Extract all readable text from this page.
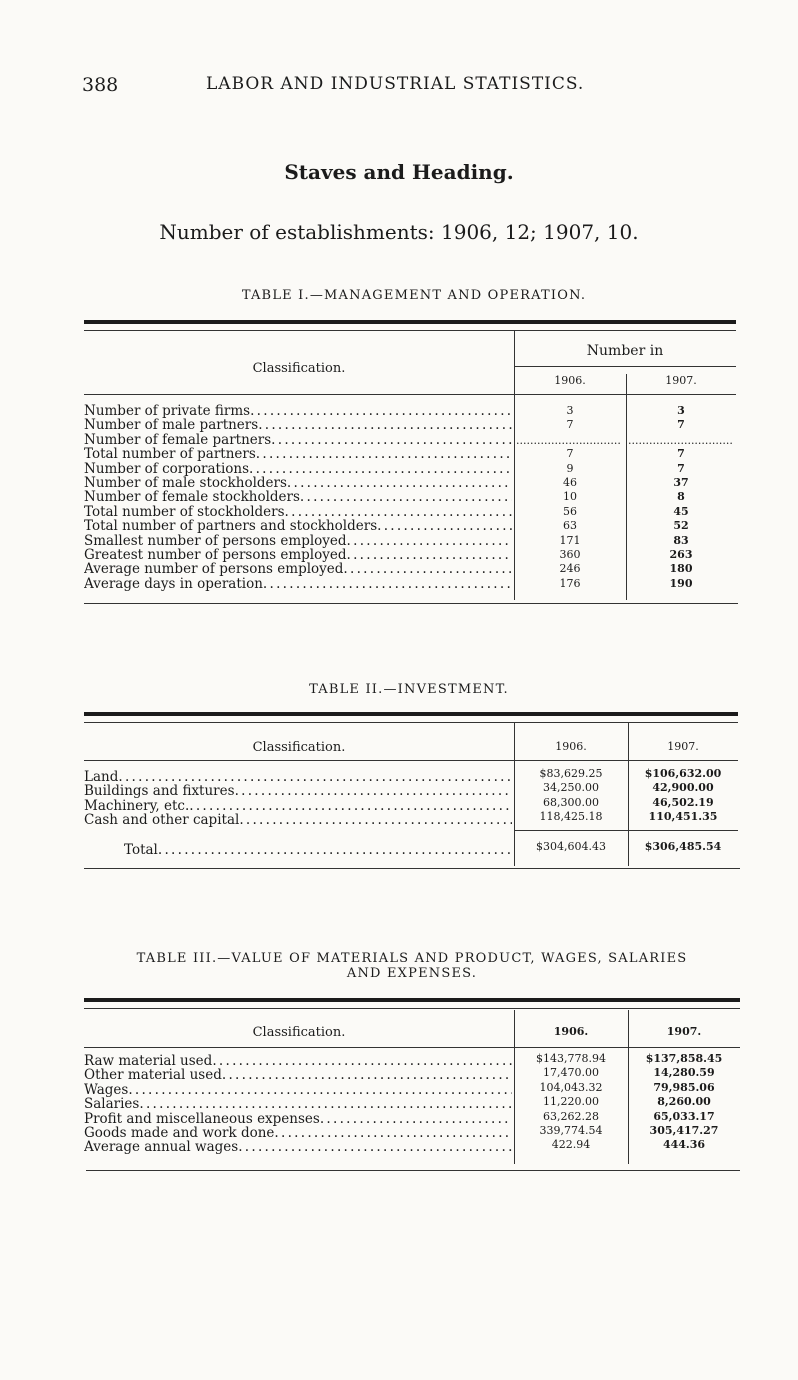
388	LABOR AND INDUSTRIAL STATISTICS.
Staves and Heading.
Number of establishments: 1906, 12; 1907, 10.
TABLE I.—MANAGEMENT AND OPERATION.
Classification.
Number in
1906.	1907.
.............................. ..............................
Number of private firms
. . .
Number of male partners
. . .
Number of female partners
. . .
Total number of partners
. . .
Number of corporations
. . .
Number of male stockholders
. . .
Number of female stockholders
. . .
Total number of stockholders
. . .
Total number of partners and stockholders
. . .
Smallest number of persons employed
. . .
Greatest number of persons employed
. . .
Average number of persons employed
. . .
Average days in operation
. . .
3
7

7
9
46
10
56
63
171
360
246
176
3
7

7
7
37
8
45
52
83
263
180
190
TABLE II.—INVESTMENT.
Classification.	1906.	1907.
Land
. . .
Buildings and fixtures
. . .
Machinery, etc.
. . .
Cash and other capital
. . .
$83,629.25
34,250.00
68,300.00
118,425.18
$106,632.00
42,900.00
46,502.19
110,451.35
Total
. . .	$304,604.43	$306,485.54
TABLE III.—VALUE OF MATERIALS AND PRODUCT, WAGES, SALARIES
AND EXPENSES.
Classification.	1906.	1907.
Raw material used
. . .
Other material used
. . .
Wages
. . .
Salaries
. . .
Profit and miscellaneous expenses
. . .
Goods made and work done
. . .
Average annual wages
. . .
$143,778.94
17,470.00
104,043.32
11,220.00
63,262.28
339,774.54
422.94
$137,858.45
14,280.59
79,985.06
8,260.00
65,033.17
305,417.27
444.36
